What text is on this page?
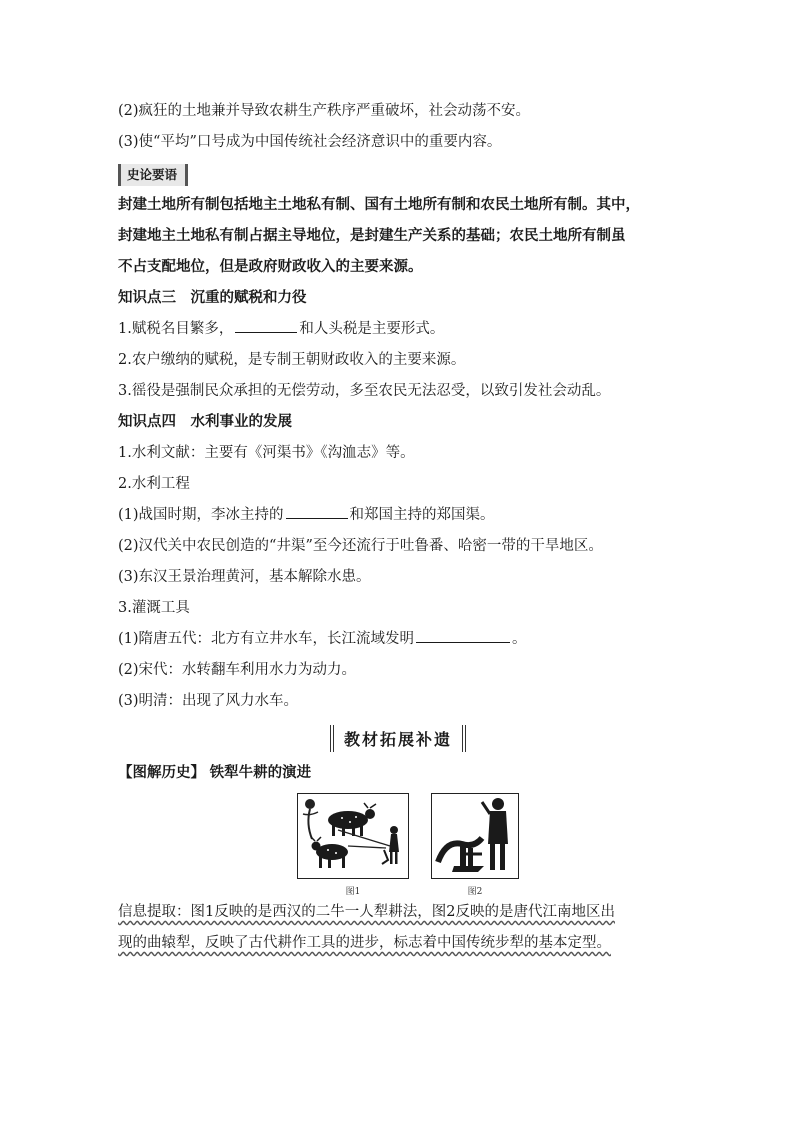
(2)疯狂的土地兼并导致农耕生产秩序严重破坏，社会动荡不安。
(3)使“平均”口号成为中国传统社会经济意识中的重要内容。
史论要语
封建土地所有制包括地主土地私有制、国有土地所有制和农民土地所有制。其中，
封建地主土地私有制占据主导地位，是封建生产关系的基础；农民土地所有制虽
不占支配地位，但是政府财政收入的主要来源。
知识点三　沉重的赋税和力役
1.赋税名目繁多，	和人头税是主要形式。
2.农户缴纳的赋税，是专制王朝财政收入的主要来源。
3.徭役是强制民众承担的无偿劳动，多至农民无法忍受，以致引发社会动乱。
知识点四　水利事业的发展
1.水利文献：主要有《河渠书》《沟洫志》等。
2.水利工程
(1)战国时期，李冰主持的	和郑国主持的郑国渠。
(2)汉代关中农民创造的“井渠”至今还流行于吐鲁番、哈密一带的干旱地区。
(3)东汉王景治理黄河，基本解除水患。
3.灌溉工具
(1)隋唐五代：北方有立井水车，长江流域发明	。
(2)宋代：水转翻车利用水力为动力。
(3)明清：出现了风力水车。
教材拓展补遗
【图解历史】 铁犁牛耕的演进
图1	图2
信息提取：图1反映的是西汉的二牛一人犁耕法，图2反映的是唐代江南地区出
现的曲辕犁，反映了古代耕作工具的进步，标志着中国传统步犁的基本定型。
